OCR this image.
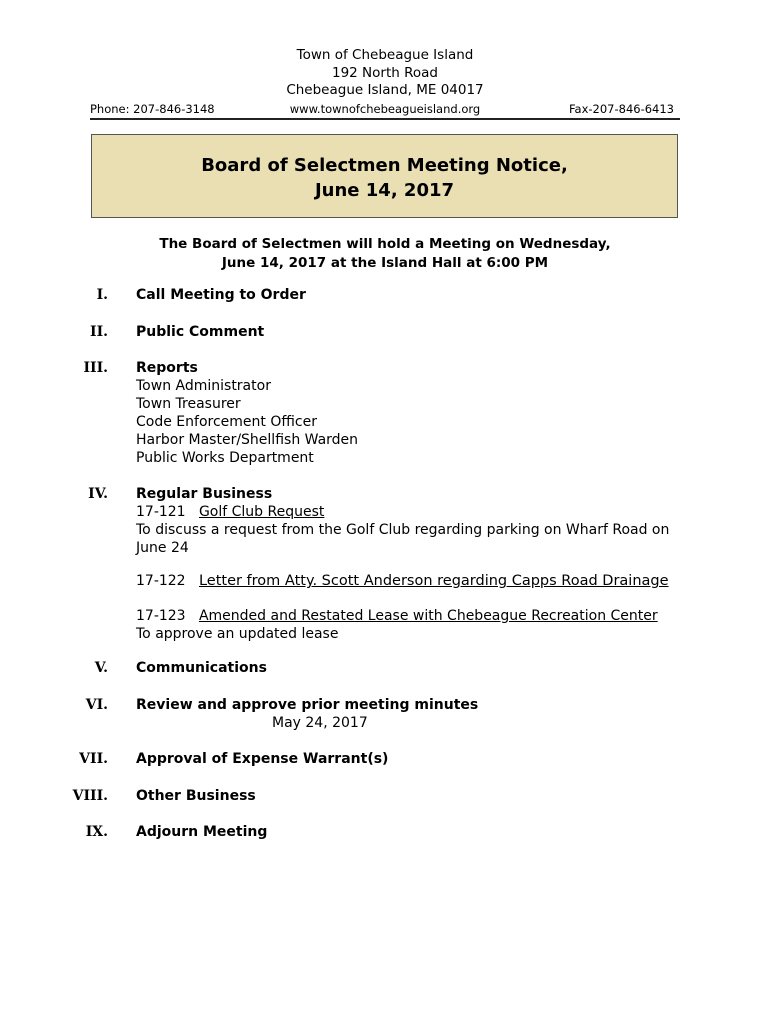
Town of Chebeague Island
192 North Road
Chebeague Island, ME 04017
Phone: 207-846-3148	www.townofchebeagueisland.org	Fax-207-846-6413
Board of Selectmen Meeting Notice,
June 14, 2017
The Board of Selectmen will hold a Meeting on Wednesday,
June 14, 2017 at the Island Hall at 6:00 PM
I. Call Meeting to Order
II. Public Comment
III. Reports
Town Administrator
Town Treasurer
Code Enforcement Officer
Harbor Master/Shellfish Warden
Public Works Department
IV. Regular Business
17-121 Golf Club Request
To discuss a request from the Golf Club regarding parking on Wharf Road on
June 24
17-122 Letter from Atty. Scott Anderson regarding Capps Road Drainage
17-123 Amended and Restated Lease with Chebeague Recreation Center
To approve an updated lease
V. Communications
VI. Review and approve prior meeting minutes
May 24, 2017
VII. Approval of Expense Warrant(s)
VIII. Other Business
IX. Adjourn Meeting
